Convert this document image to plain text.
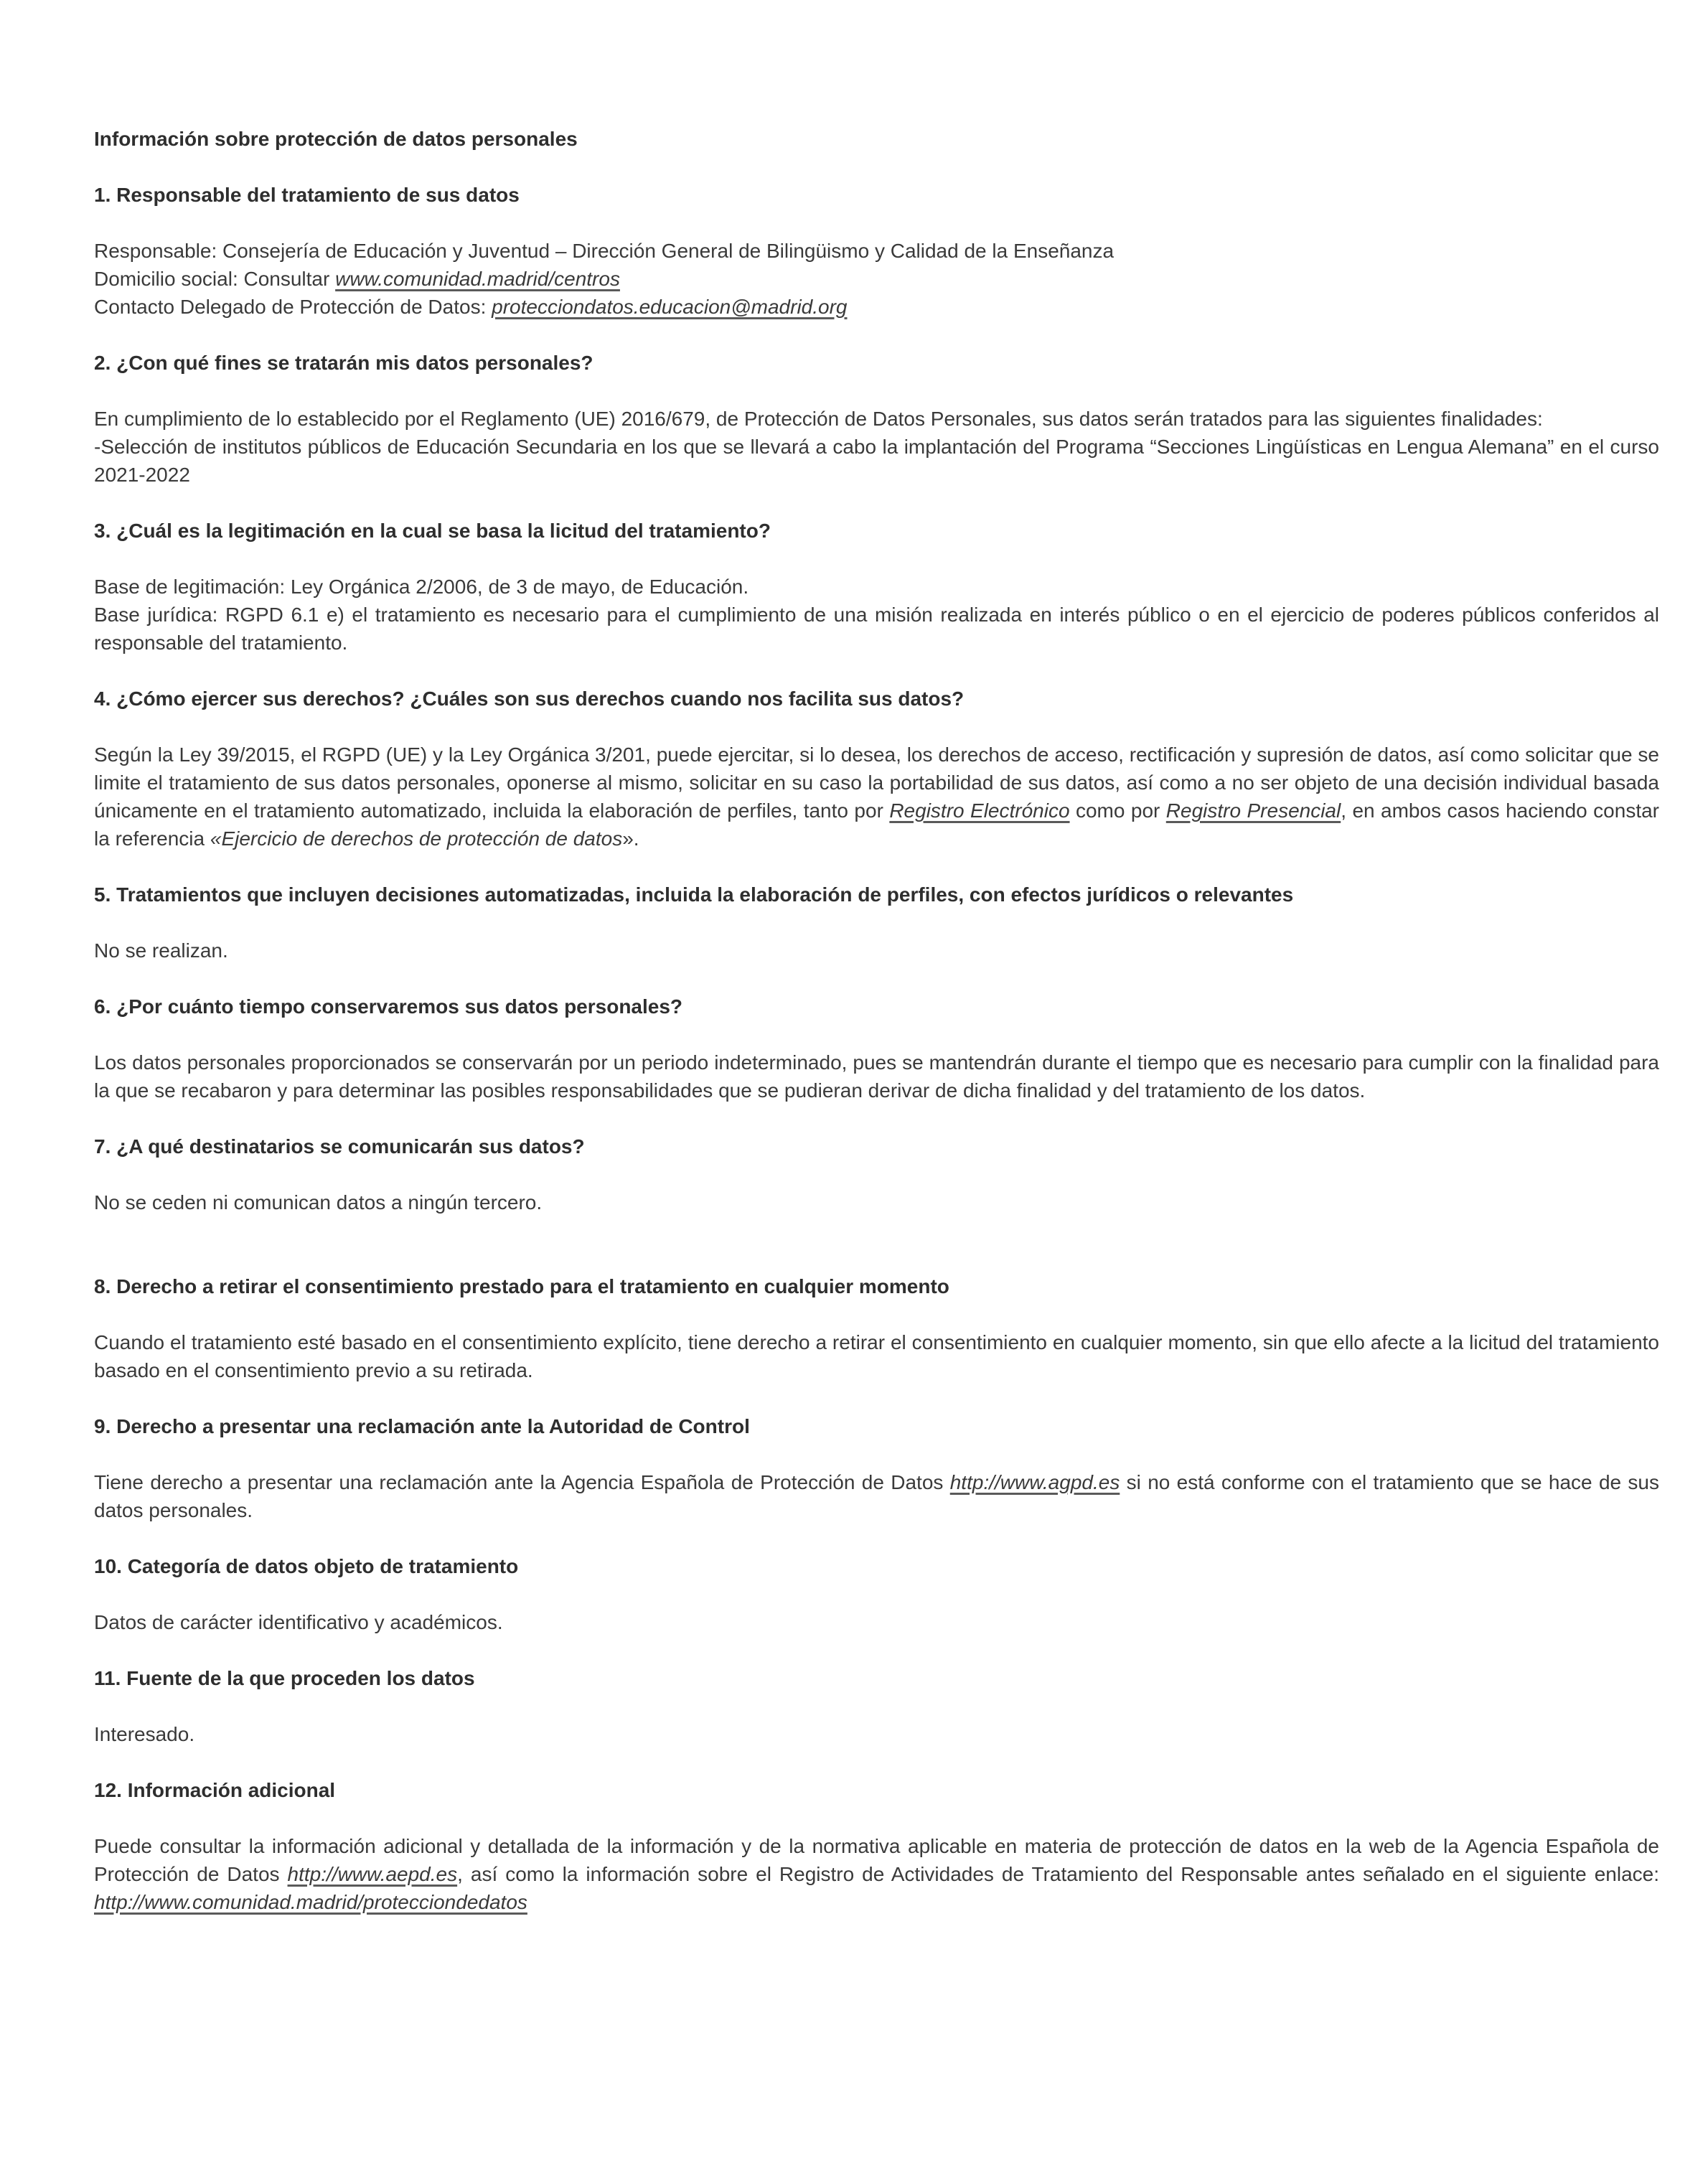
Información sobre protección de datos personales

1. Responsable del tratamiento de sus datos

Responsable: Consejería de Educación y Juventud – Dirección General de Bilingüismo y Calidad de la Enseñanza
Domicilio social: Consultar www.comunidad.madrid/centros
Contacto Delegado de Protección de Datos: protecciondatos.educacion@madrid.org

2. ¿Con qué fines se tratarán mis datos personales?

En cumplimiento de lo establecido por el Reglamento (UE) 2016/679, de Protección de Datos Personales, sus datos serán tratados para las siguientes finalidades:
-Selección de institutos públicos de Educación Secundaria en los que se llevará a cabo la implantación del Programa “Secciones Lingüísticas en Lengua Alemana” en el curso 2021-2022

3. ¿Cuál es la legitimación en la cual se basa la licitud del tratamiento?

Base de legitimación: Ley Orgánica 2/2006, de 3 de mayo, de Educación.
Base jurídica: RGPD 6.1 e) el tratamiento es necesario para el cumplimiento de una misión realizada en interés público o en el ejercicio de poderes públicos conferidos al responsable del tratamiento.

4. ¿Cómo ejercer sus derechos? ¿Cuáles son sus derechos cuando nos facilita sus datos?

Según la Ley 39/2015, el RGPD (UE) y la Ley Orgánica 3/201, puede ejercitar, si lo desea, los derechos de acceso, rectificación y supresión de datos, así como solicitar que se limite el tratamiento de sus datos personales, oponerse al mismo, solicitar en su caso la portabilidad de sus datos, así como a no ser objeto de una decisión individual basada únicamente en el tratamiento automatizado, incluida la elaboración de perfiles, tanto por Registro Electrónico como por Registro Presencial, en ambos casos haciendo constar la referencia «Ejercicio de derechos de protección de datos».

5. Tratamientos que incluyen decisiones automatizadas, incluida la elaboración de perfiles, con efectos jurídicos o relevantes

No se realizan.

6. ¿Por cuánto tiempo conservaremos sus datos personales?

Los datos personales proporcionados se conservarán por un periodo indeterminado, pues se mantendrán durante el tiempo que es necesario para cumplir con la finalidad para la que se recabaron y para determinar las posibles responsabilidades que se pudieran derivar de dicha finalidad y del tratamiento de los datos.

7. ¿A qué destinatarios se comunicarán sus datos?

No se ceden ni comunican datos a ningún tercero.

8. Derecho a retirar el consentimiento prestado para el tratamiento en cualquier momento

Cuando el tratamiento esté basado en el consentimiento explícito, tiene derecho a retirar el consentimiento en cualquier momento, sin que ello afecte a la licitud del tratamiento basado en el consentimiento previo a su retirada.

9. Derecho a presentar una reclamación ante la Autoridad de Control

Tiene derecho a presentar una reclamación ante la Agencia Española de Protección de Datos http://www.agpd.es si no está conforme con el tratamiento que se hace de sus datos personales.

10. Categoría de datos objeto de tratamiento

Datos de carácter identificativo y académicos.

11. Fuente de la que proceden los datos

Interesado.

12. Información adicional

Puede consultar la información adicional y detallada de la información y de la normativa aplicable en materia de protección de datos en la web de la Agencia Española de Protección de Datos http://www.aepd.es, así como la información sobre el Registro de Actividades de Tratamiento del Responsable antes señalado en el siguiente enlace: http://www.comunidad.madrid/protecciondedatos
